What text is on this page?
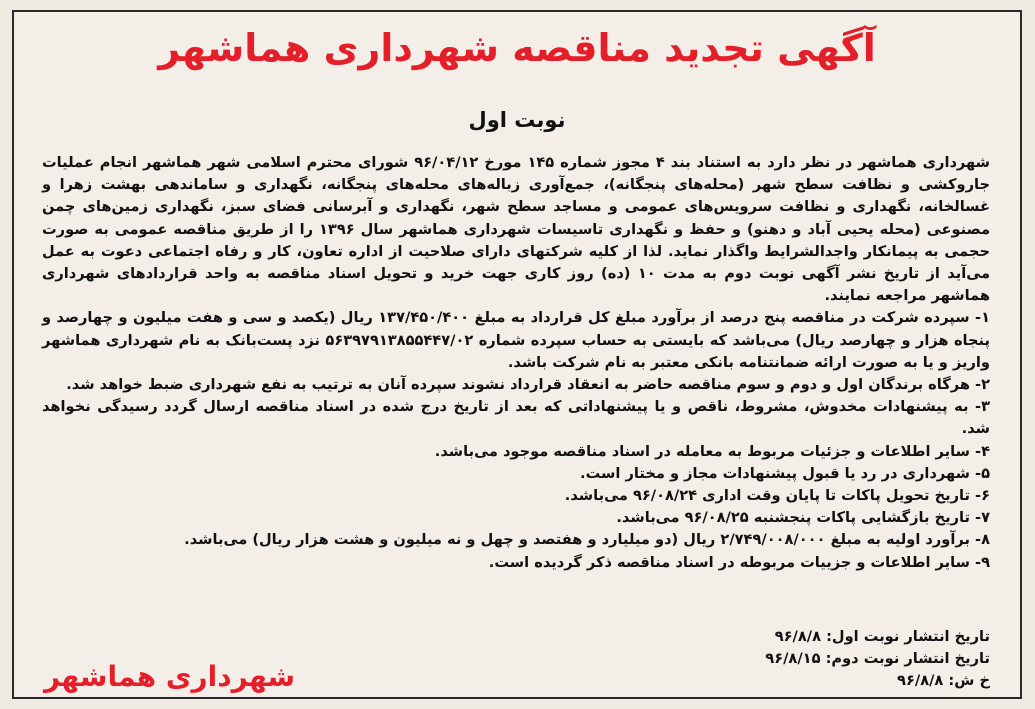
آگهی تجدید مناقصه شهرداری هماشهر
نوبت اول

شهرداری هماشهر در نظر دارد به استناد بند ۴ مجوز شماره ۱۴۵ مورخ ۹۶/۰۴/۱۲ شورای محترم اسلامی شهر هماشهر انجام عملیات جاروکشی و نظافت سطح شهر (محله‌های پنجگانه)، جمع‌آوری زباله‌های محله‌های پنجگانه، نگهداری و ساماندهی بهشت زهرا و غسالخانه، نگهداری و نظافت سرویس‌های عمومی و مساجد سطح شهر، نگهداری و آبرسانی فضای سبز، نگهداری زمین‌های چمن مصنوعی (محله یحیی آباد و دهنو) و حفظ و نگهداری تاسیسات شهرداری هماشهر سال ۱۳۹۶ را از طریق مناقصه عمومی به صورت حجمی به پیمانکار واجدالشرایط واگذار نماید. لذا از کلیه شرکتهای دارای صلاحیت از اداره تعاون، کار و رفاه اجتماعی دعوت به عمل می‌آید از تاریخ نشر آگهی نوبت دوم به مدت ۱۰ (ده) روز کاری جهت خرید و تحویل اسناد مناقصه به واحد قراردادهای شهرداری هماشهر مراجعه نمایند.

۱- سپرده شرکت در مناقصه پنج درصد از برآورد مبلغ کل قرارداد به مبلغ ۱۳۷/۴۵۰/۴۰۰ ریال (یکصد و سی و هفت میلیون و چهارصد و پنجاه هزار و چهارصد ریال) می‌باشد که بایستی به حساب سپرده شماره ۵۶۳۹۷۹۱۳۸۵۵۴۴۷/۰۲ نزد پست‌بانک به نام شهرداری هماشهر واریز و یا به صورت ارائه ضمانتنامه بانکی معتبر به نام شرکت باشد.

۲- هرگاه برندگان اول و دوم و سوم مناقصه حاضر به انعقاد قرارداد نشوند سپرده آنان به ترتیب به نفع شهرداری ضبط خواهد شد.

۳- به پیشنهادات مخدوش، مشروط، ناقص و یا پیشنهاداتی که بعد از تاریخ درج شده در اسناد مناقصه ارسال گردد رسیدگی نخواهد شد.

۴- سایر اطلاعات و جزئیات مربوط به معامله در اسناد مناقصه موجود می‌باشد.

۵- شهرداری در رد یا قبول پیشنهادات مجاز و مختار است.

۶- تاریخ تحویل پاکات تا پایان وقت اداری ۹۶/۰۸/۲۴ می‌باشد.

۷- تاریخ بازگشایی پاکات پنجشنبه ۹۶/۰۸/۲۵ می‌باشد.

۸- برآورد اولیه به مبلغ ۲/۷۴۹/۰۰۸/۰۰۰ ریال (دو میلیارد و هفتصد و چهل و نه میلیون و هشت هزار ریال) می‌باشد.

۹- سایر اطلاعات و جزییات مربوطه در اسناد مناقصه ذکر گردیده است.

تاریخ انتشار نوبت اول: ۹۶/۸/۸
تاریخ انتشار نوبت دوم: ۹۶/۸/۱۵
خ ش: ۹۶/۸/۸
شهرداری هماشهر
